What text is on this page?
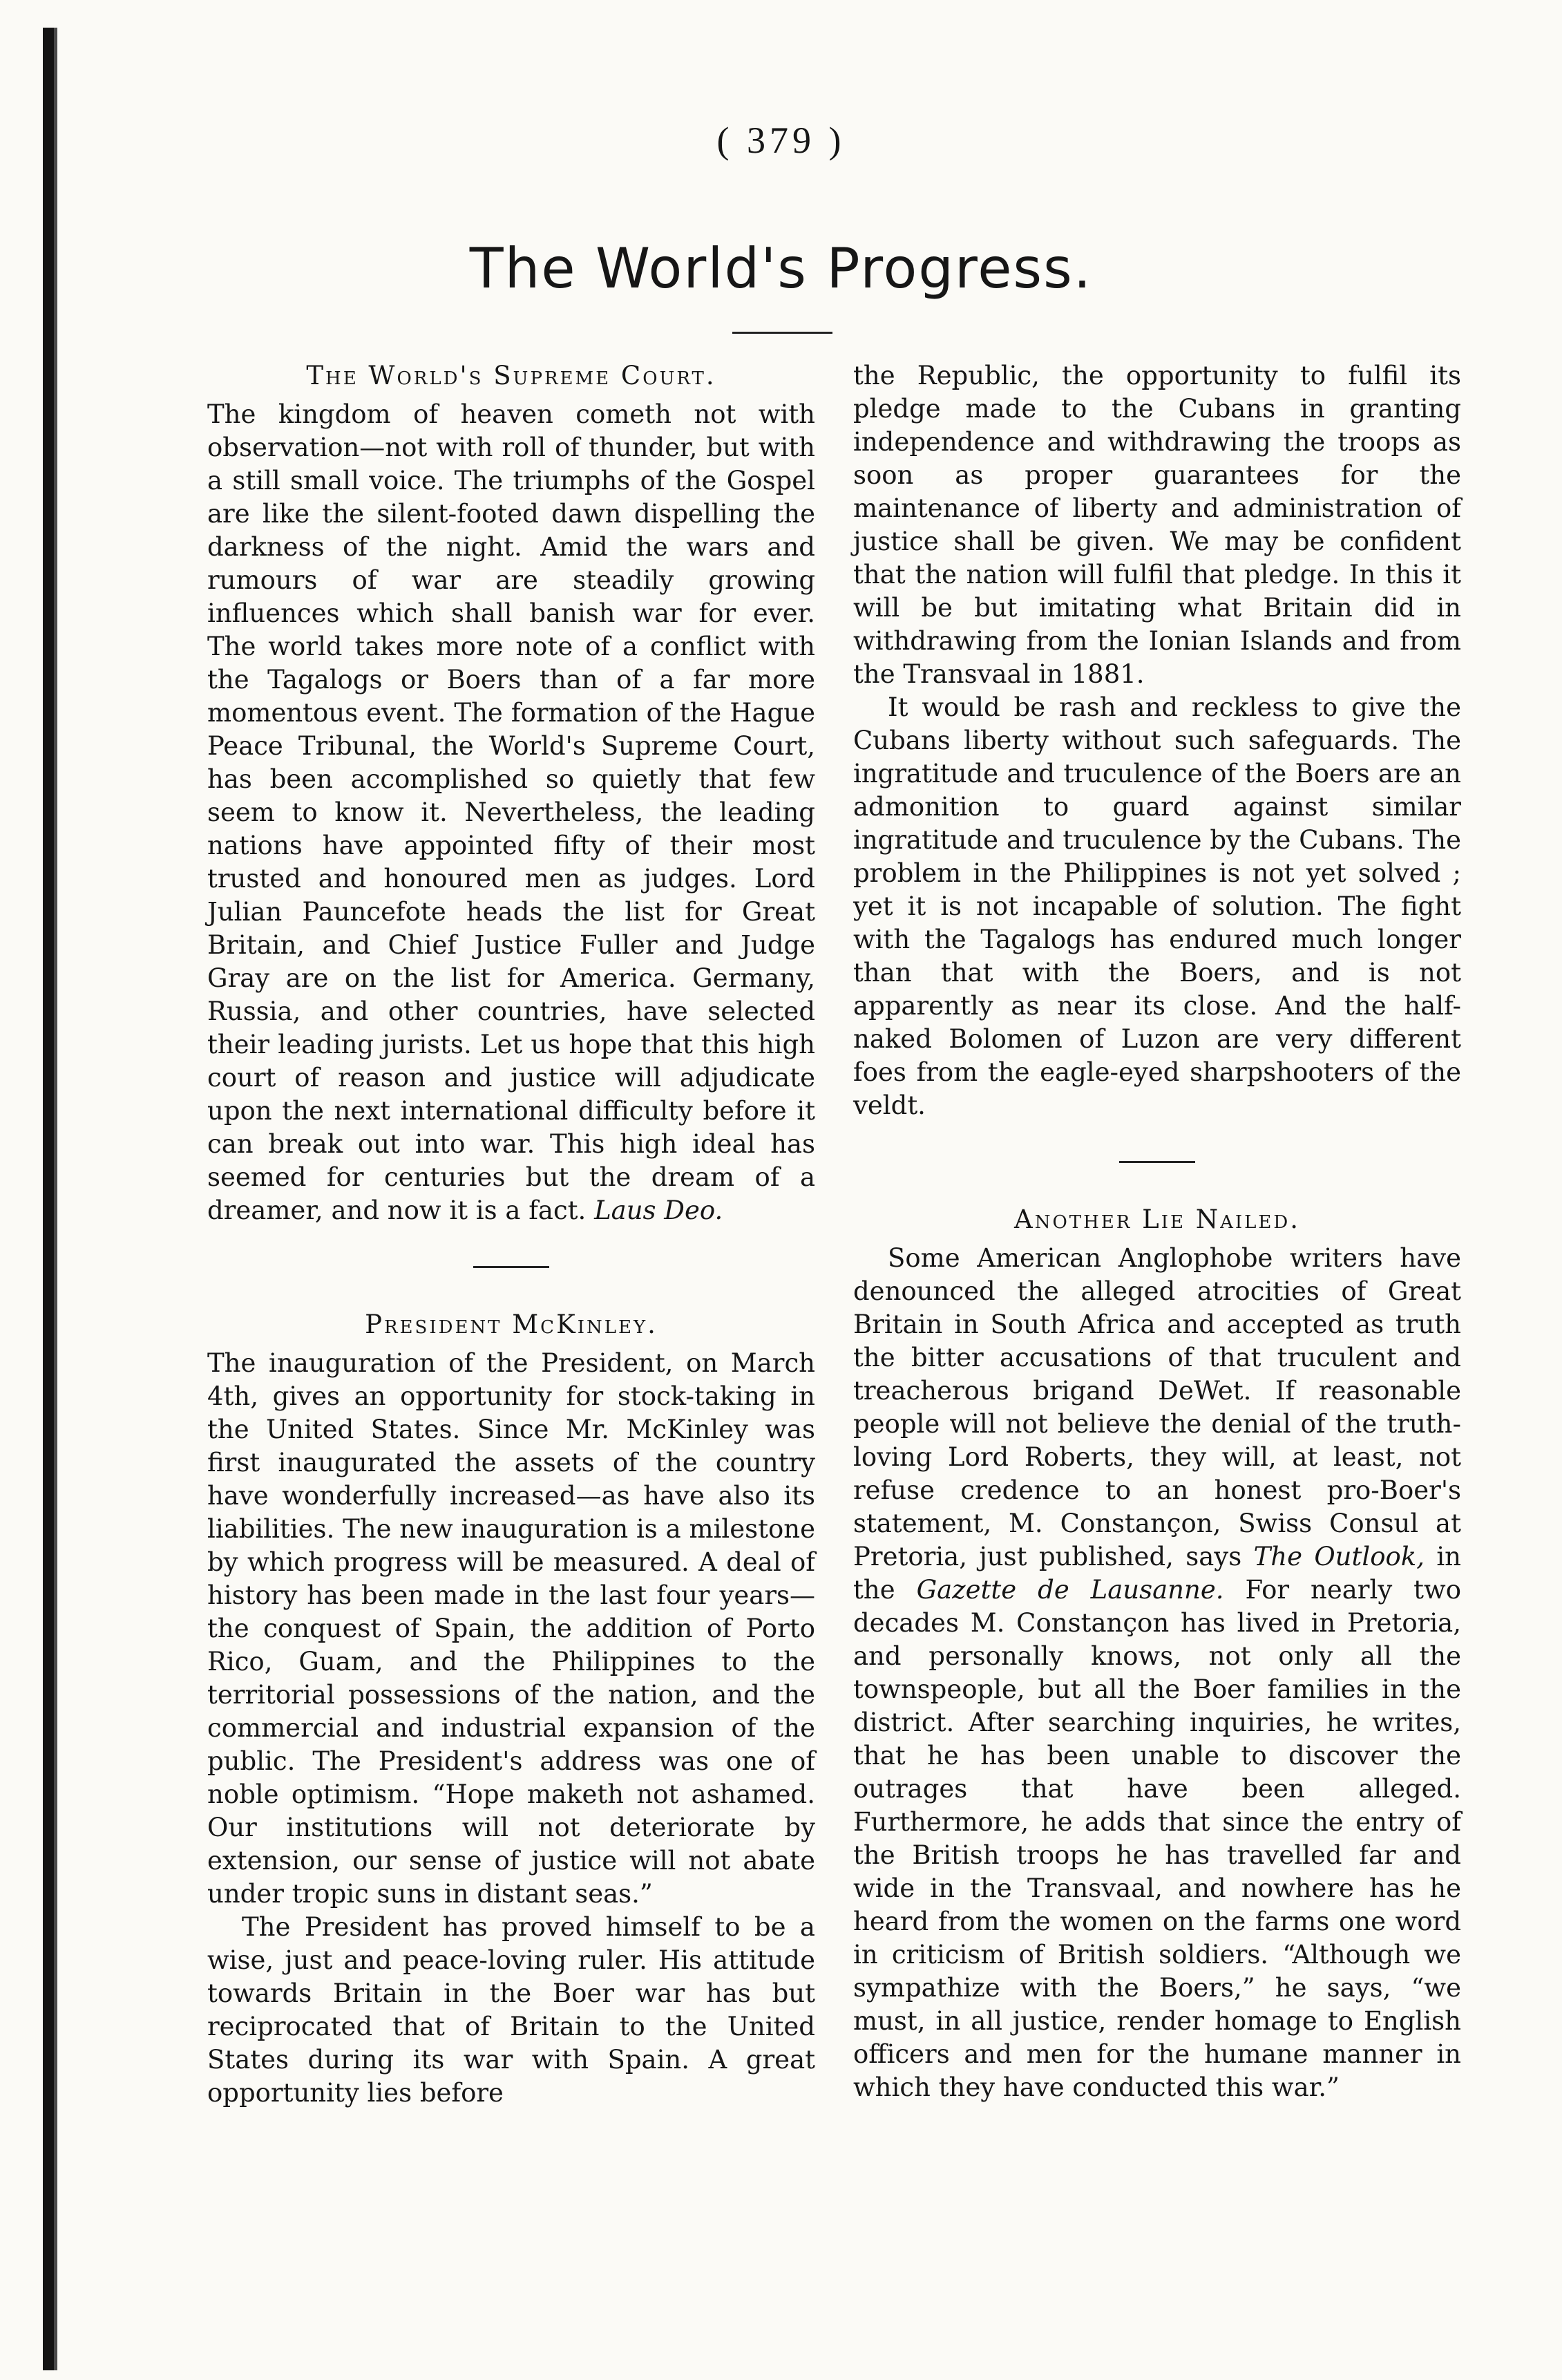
( 379 )
The World's Progress.
The World's Supreme Court.

The kingdom of heaven cometh not with observation—not with roll of thunder, but with a still small voice. The triumphs of the Gospel are like the silent-footed dawn dispelling the darkness of the night. Amid the wars and rumours of war are steadily growing influences which shall banish war for ever. The world takes more note of a conflict with the Tagalogs or Boers than of a far more momentous event. The formation of the Hague Peace Tribunal, the World's Supreme Court, has been accomplished so quietly that few seem to know it. Nevertheless, the leading nations have appointed fifty of their most trusted and honoured men as judges. Lord Julian Pauncefote heads the list for Great Britain, and Chief Justice Fuller and Judge Gray are on the list for America. Germany, Russia, and other countries, have selected their leading jurists. Let us hope that this high court of reason and justice will adjudicate upon the next international difficulty before it can break out into war. This high ideal has seemed for centuries but the dream of a dreamer, and now it is a fact. Laus Deo.

President McKinley.

The inauguration of the President, on March 4th, gives an opportunity for stock-taking in the United States. Since Mr. McKinley was first inaugurated the assets of the country have wonderfully increased—as have also its liabilities. The new inauguration is a milestone by which progress will be measured. A deal of history has been made in the last four years—the conquest of Spain, the addition of Porto Rico, Guam, and the Philippines to the territorial possessions of the nation, and the commercial and industrial expansion of the public. The President's address was one of noble optimism. “Hope maketh not ashamed. Our institutions will not deteriorate by extension, our sense of justice will not abate under tropic suns in distant seas.”

The President has proved himself to be a wise, just and peace-loving ruler. His attitude towards Britain in the Boer war has but reciprocated that of Britain to the United States during its war with Spain. A great opportunity lies before

the Republic, the opportunity to fulfil its pledge made to the Cubans in granting independence and withdrawing the troops as soon as proper guarantees for the maintenance of liberty and administration of justice shall be given. We may be confident that the nation will fulfil that pledge. In this it will be but imitating what Britain did in withdrawing from the Ionian Islands and from the Transvaal in 1881.

It would be rash and reckless to give the Cubans liberty without such safeguards. The ingratitude and truculence of the Boers are an admonition to guard against similar ingratitude and truculence by the Cubans. The problem in the Philippines is not yet solved ; yet it is not incapable of solution. The fight with the Tagalogs has endured much longer than that with the Boers, and is not apparently as near its close. And the half-naked Bolomen of Luzon are very different foes from the eagle-eyed sharpshooters of the veldt.

Another Lie Nailed.

Some American Anglophobe writers have denounced the alleged atrocities of Great Britain in South Africa and accepted as truth the bitter accusations of that truculent and treacherous brigand DeWet. If reasonable people will not believe the denial of the truth-loving Lord Roberts, they will, at least, not refuse credence to an honest pro-Boer's statement, M. Constançon, Swiss Consul at Pretoria, just published, says The Outlook, in the Gazette de Lausanne. For nearly two decades M. Constançon has lived in Pretoria, and personally knows, not only all the townspeople, but all the Boer families in the district. After searching inquiries, he writes, that he has been unable to discover the outrages that have been alleged. Furthermore, he adds that since the entry of the British troops he has travelled far and wide in the Transvaal, and nowhere has he heard from the women on the farms one word in criticism of British soldiers. “Although we sympathize with the Boers,” he says, “we must, in all justice, render homage to English officers and men for the humane manner in which they have conducted this war.”
